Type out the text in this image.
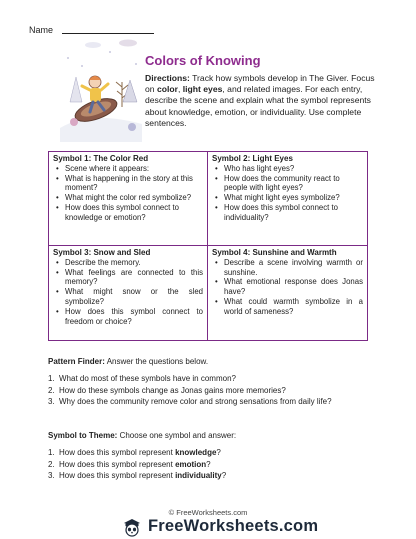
Name
Colors of Knowing
Directions: Track how symbols develop in The Giver. Focus on color, light eyes, and related images. For each entry, describe the scene and explain what the symbol represents about knowledge, emotion, or individuality. Use complete sentences.
Symbol 1: The Color Red
• Scene where it appears:
• What is happening in the story at this moment?
• What might the color red symbolize?
• How does this symbol connect to knowledge or emotion?
Symbol 2: Light Eyes
• Who has light eyes?
• How does the community react to people with light eyes?
• What might light eyes symbolize?
• How does this symbol connect to individuality?
Symbol 3: Snow and Sled
• Describe the memory.
• What feelings are connected to this memory?
• What might snow or the sled symbolize?
• How does this symbol connect to freedom or choice?
Symbol 4: Sunshine and Warmth
• Describe a scene involving warmth or sunshine.
• What emotional response does Jonas have?
• What could warmth symbolize in a world of sameness?
Pattern Finder: Answer the questions below.
1. What do most of these symbols have in common?
2. How do these symbols change as Jonas gains more memories?
3. Why does the community remove color and strong sensations from daily life?
Symbol to Theme: Choose one symbol and answer:
1. How does this symbol represent knowledge?
2. How does this symbol represent emotion?
3. How does this symbol represent individuality?
© FreeWorksheets.com
FreeWorksheets.com
